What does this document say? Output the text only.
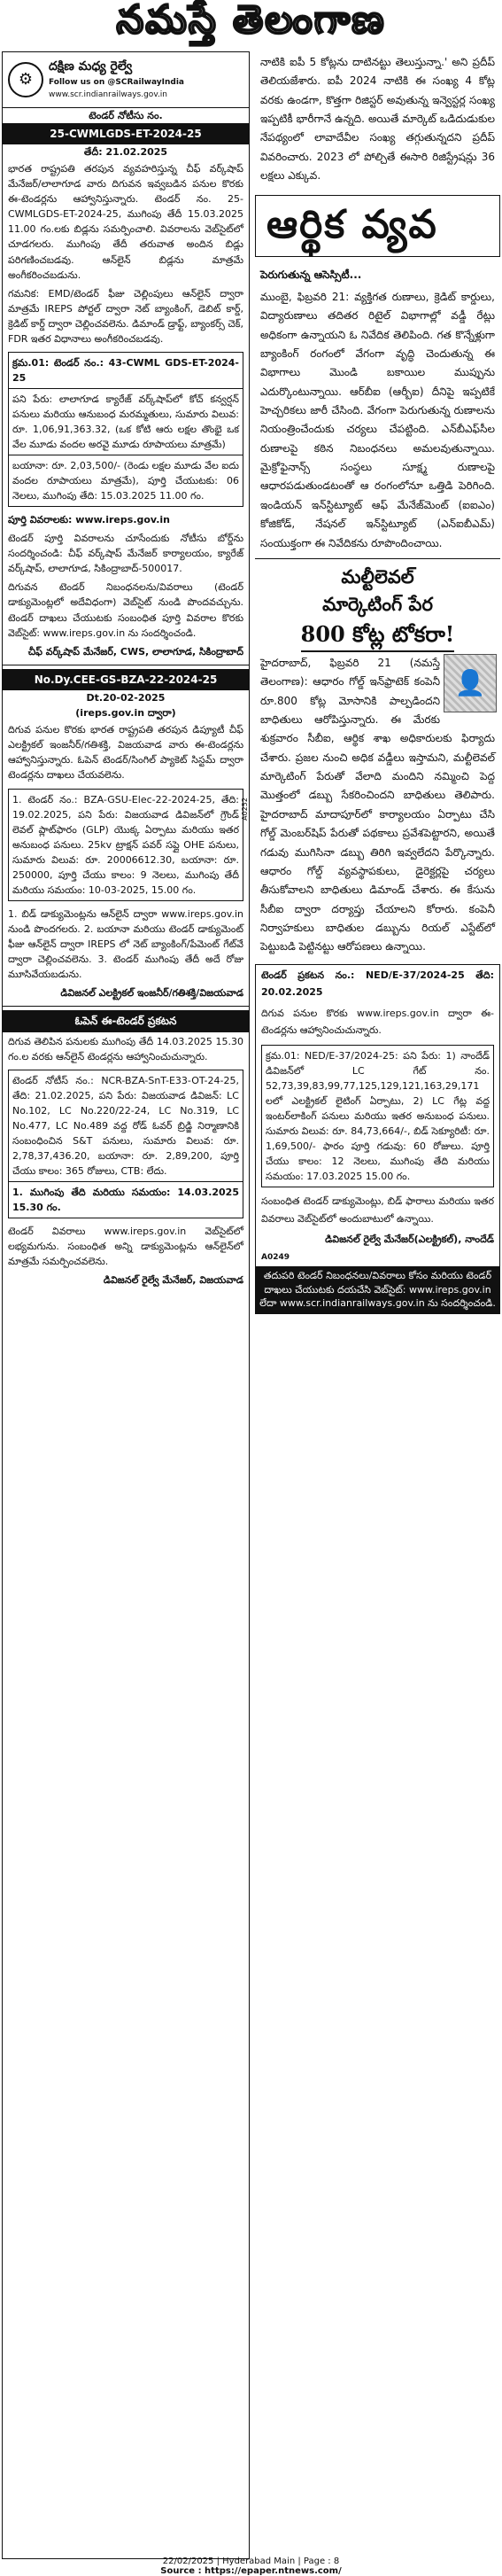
నమస్తే తెలంగాణ
⚙
దక్షిణ మధ్య రైల్వే
Follow us on @SCRailwayIndia
www.scr.indianrailways.gov.in
టెండర్ నోటీసు నం.
25-CWMLGDS-ET-2024-25
తేదీ: 21.02.2025
భారత రాష్ట్రపతి తరపున వ్యవహరిస్తున్న చీఫ్ వర్క్‌షాప్ మేనేజర్/లాలాగూడ వారు దిగువన ఇవ్వబడిన పనుల కొరకు ఈ-టెండర్లను ఆహ్వానిస్తున్నారు. టెండర్ నం. 25-CWMLGDS-ET-2024-25, ముగింపు తేదీ 15.03.2025 11.00 గం.లకు బిడ్లను సమర్పించాలి. వివరాలను వెబ్‌సైట్‌లో చూడగలరు. ముగింపు తేదీ తరువాత అందిన బిడ్లు పరిగణించబడవు. ఆన్‌లైన్ బిడ్లను మాత్రమే అంగీకరించబడును.
గమనిక: EMD/టెండర్ ఫీజు చెల్లింపులు ఆన్‌లైన్ ద్వారా మాత్రమే IREPS పోర్టల్ ద్వారా నెట్ బ్యాంకింగ్, డెబిట్ కార్డ్, క్రెడిట్ కార్డ్ ద్వారా చెల్లించవలెను. డిమాండ్ డ్రాఫ్ట్, బ్యాంకర్స్ చెక్, FDR ఇతర విధానాలు అంగీకరించబడవు.
క్రమ.01: టెండర్ నం.: 43-CWML GDS-ET-2024-25
పని పేరు: లాలాగూడ క్యారేజ్ వర్క్‌షాప్‌లో కోచ్ కన్వర్షన్ పనులు మరియు ఆనుబంధ మరమ్మతులు, సుమారు విలువ: రూ. 1,06,91,363.32, (ఒక కోటి ఆరు లక్షల తొంభై ఒక వేల మూడు వందల అరవై మూడు రూపాయలు మాత్రమే)
బయానా: రూ. 2,03,500/- (రెండు లక్షల మూడు వేల ఐదు వందల రూపాయలు మాత్రమే), పూర్తి చేయుటకు: 06 నెలలు, ముగింపు తేది: 15.03.2025 11.00 గం.
పూర్తి వివరాలకు: www.ireps.gov.in
టెండర్ పూర్తి వివరాలను చూసేందుకు నోటీసు బోర్డ్‌ను సందర్శించండి: చీఫ్ వర్క్‌షాప్ మేనేజర్ కార్యాలయం, క్యారేజ్ వర్క్‌షాప్, లాలాగూడ, సికింద్రాబాద్-500017.
దిగువన టెండర్ నిబంధనలను/వివరాలు (టెండర్ డాక్యుమెంట్లలో అదేవిధంగా) వెబ్‌సైట్ నుండి పొందవచ్చును. టెండర్ దాఖలు చేయుటకు సంబంధిత పూర్తి వివరాల కొరకు వెబ్‌సైట్: www.ireps.gov.in ను సందర్శించండి.
చీఫ్ వర్క్‌షాప్ మేనేజర్, CWS, లాలాగూడ, సికింద్రాబాద్
No.Dy.CEE-GS-BZA-22-2024-25
Dt.20-02-2025
(ireps.gov.in ద్వారా)
దిగువ పనుల కొరకు భారత రాష్ట్రపతి తరపున డిప్యూటీ చీఫ్ ఎలక్ట్రికల్ ఇంజనీర్/గతిశక్తి, విజయవాడ వారు ఈ-టెండర్లను ఆహ్వానిస్తున్నారు. ఓపెన్ టెండర్/సింగిల్ ప్యాకెట్ సిస్టమ్ ద్వారా టెండర్లను దాఖలు చేయవలెను.
1. టెండర్ నం.: BZA-GSU-Elec-22-2024-25, తేది: 19.02.2025, పని పేరు: విజయవాడ డివిజన్‌లో గ్రౌండ్ లెవల్ ప్లాట్‌ఫారం (GLP) యొక్క ఏర్పాటు మరియు ఇతర అనుబంధ పనులు. 25kv ట్రాక్షన్ పవర్ సప్లై OHE పనులు, సుమారు విలువ: రూ. 20006612.30, బయానా: రూ. 250000, పూర్తి చేయు కాలం: 9 నెలలు, ముగింపు తేదీ మరియు సమయం: 10-03-2025, 15.00 గం.
1. బిడ్ డాక్యుమెంట్లను ఆన్‌లైన్ ద్వారా www.ireps.gov.in నుండి పొందగలరు. 2. బయానా మరియు టెండర్ డాక్యుమెంట్ ఫీజు ఆన్‌లైన్ ద్వారా IREPS లో నెట్ బ్యాంకింగ్/పేమెంట్ గేట్‌వే ద్వారా చెల్లించవలెను. 3. టెండర్ ముగింపు తేదీ అదే రోజు మూసివేయబడును.
డివిజనల్ ఎలక్ట్రికల్ ఇంజనీర్/గతిశక్తి/విజయవాడ
ఓపెన్ ఈ-టెండర్ ప్రకటన
దిగువ తెలిపిన పనులకు ముగింపు తేదీ 14.03.2025 15.30 గం.ల వరకు ఆన్‌లైన్ టెండర్లను ఆహ్వానించుచున్నారు.
టెండర్ నోటీస్ నం.: NCR-BZA-SnT-E33-OT-24-25, తేది: 21.02.2025, పని పేరు: విజయవాడ డివిజన్: LC No.102, LC No.220/22-24, LC No.319, LC No.477, LC No.489 వద్ద రోడ్ ఓవర్ బ్రిడ్జి నిర్మాణానికి సంబంధించిన S&T పనులు, సుమారు విలువ: రూ. 2,78,37,436.20, బయానా: రూ. 2,89,200, పూర్తి చేయు కాలం: 365 రోజులు, CTB: లేదు.
1. ముగింపు తేది మరియు సమయం: 14.03.2025 15.30 గం.
టెండర్ వివరాలు www.ireps.gov.in వెబ్‌సైట్‌లో లభ్యమగును. సంబంధిత అన్ని డాక్యుమెంట్లను ఆన్‌లైన్‌లో మాత్రమే సమర్పించవలెను.
డివిజనల్ రైల్వే మేనేజర్, విజయవాడ
A0252
నాటికి ఐపీ 5 కోట్లను దాటినట్టు తెలుస్తున్నా.' అని ప్రదీప్ తెలియజేశారు. ఐపీ 2024 నాటికి ఈ సంఖ్య 4 కోట్ల వరకు ఉండగా, కొత్తగా రిజిస్టర్ అవుతున్న ఇన్వెస్టర్ల సంఖ్య ఇప్పటికీ భారీగానే ఉన్నది. అయితే మార్కెట్ ఒడిదుడుకుల నేపథ్యంలో లావాదేవీల సంఖ్య తగ్గుతున్నదని ప్రదీప్ వివరించారు. 2023 లో పోల్చితే ఈసారి రిజిస్ట్రేషన్లు 36 లక్షలు ఎక్కువ.
ఆర్థిక వ్యవ
పెరుగుతున్న ఆసెస్సిటీ...
ముంబై, ఫిబ్రవరి 21: వ్యక్తిగత రుణాలు, క్రెడిట్ కార్డులు, విద్యారుణాలు తదితర రిటైల్ విభాగాల్లో వడ్డీ రేట్లు అధికంగా ఉన్నాయని ఓ నివేదిక తెలిపింది. గత కొన్నేళ్లుగా బ్యాంకింగ్ రంగంలో వేగంగా వృద్ధి చెందుతున్న ఈ విభాగాలు మొండి బకాయిల ముప్పును ఎదుర్కొంటున్నాయి. ఆర్‌బీఐ (ఆర్బీఐ) దీనిపై ఇప్పటికే హెచ్చరికలు జారీ చేసింది. వేగంగా పెరుగుతున్న రుణాలను నియంత్రించేందుకు చర్యలు చేపట్టింది. ఎన్‌బీఎఫ్‌సీల రుణాలపై కఠిన నిబంధనలు అమలవుతున్నాయి. మైక్రోఫైనాన్స్ సంస్థలు సూక్ష్మ రుణాలపై ఆధారపడుతుండటంతో ఆ రంగంలోనూ ఒత్తిడి పెరిగింది. ఇండియన్ ఇన్‌స్టిట్యూట్ ఆఫ్ మేనేజ్‌మెంట్ (ఐఐఎం) కోజికోడ్, నేషనల్ ఇన్‌స్టిట్యూట్ (ఎన్ఐబీఎమ్) సంయుక్తంగా ఈ నివేదికను రూపొందించాయి.
మల్టీలెవల్
మార్కెటింగ్ పేర
800 కోట్ల టోకరా!
👤
హైదరాబాద్, ఫిబ్రవరి 21 (నమస్తే తెలంగాణ): ఆధారం గోల్డ్ ఇన్‌ఫ్రాటెక్ కంపెనీ రూ.800 కోట్ల మోసానికి పాల్పడిందని బాధితులు ఆరోపిస్తున్నారు. ఈ మేరకు శుక్రవారం సీబీఐ, ఆర్థిక శాఖ అధికారులకు ఫిర్యాదు చేశారు. ప్రజల నుంచి అధిక వడ్డీలు ఇస్తామని, మల్టీలెవల్ మార్కెటింగ్ పేరుతో వేలాది మందిని నమ్మించి పెద్ద మొత్తంలో డబ్బు సేకరించిందని బాధితులు తెలిపారు. హైదరాబాద్ మాదాపూర్‌లో కార్యాలయం ఏర్పాటు చేసి గోల్డ్ మెంబర్‌షిప్ పేరుతో పథకాలు ప్రవేశపెట్టారని, అయితే గడువు ముగిసినా డబ్బు తిరిగి ఇవ్వలేదని పేర్కొన్నారు. ఆధారం గోల్డ్ వ్యవస్థాపకులు, డైరెక్టర్లపై చర్యలు తీసుకోవాలని బాధితులు డిమాండ్ చేశారు. ఈ కేసును సీబీఐ ద్వారా దర్యాప్తు చేయాలని కోరారు. కంపెనీ నిర్వాహకులు బాధితుల డబ్బును రియల్ ఎస్టేట్‌లో పెట్టుబడి పెట్టినట్టు ఆరోపణలు ఉన్నాయి.
టెండర్ ప్రకటన నం.: NED/E-37/2024-25 తేది: 20.02.2025
దిగువ పనుల కొరకు www.ireps.gov.in ద్వారా ఈ-టెండర్లను ఆహ్వానించుచున్నారు.
క్రమ.01: NED/E-37/2024-25: పని పేరు: 1) నాందేడ్ డివిజన్‌లో LC గేట్ నం. 52,73,39,83,99,77,125,129,121,163,29,171 లలో ఎలక్ట్రికల్ లైటింగ్ ఏర్పాటు, 2) LC గేట్ల వద్ద ఇంటర్‌లాకింగ్ పనులు మరియు ఇతర అనుబంధ పనులు. సుమారు విలువ: రూ. 84,73,664/-, బిడ్ సెక్యూరిటీ: రూ. 1,69,500/- ఫారం పూర్తి గడువు: 60 రోజులు. పూర్తి చేయు కాలం: 12 నెలలు, ముగింపు తేది మరియు సమయం: 17.03.2025 15.00 గం.
సంబంధిత టెండర్ డాక్యుమెంట్లు, బిడ్ ఫారాలు మరియు ఇతర వివరాలు వెబ్‌సైట్‌లో అందుబాటులో ఉన్నాయి.
డివిజనల్ రైల్వే మేనేజర్(ఎలక్ట్రికల్), నాందేడ్
A0249
తదుపరి టెండర్ నిబంధనలు/వివరాలు కోసం మరియు టెండర్ దాఖలు చేయుటకు దయచేసి వెబ్‌సైట్: www.ireps.gov.in లేదా www.scr.indianrailways.gov.in ను సందర్శించండి.
22/02/2025 | Hyderabad Main | Page : 8
Source : https://epaper.ntnews.com/
